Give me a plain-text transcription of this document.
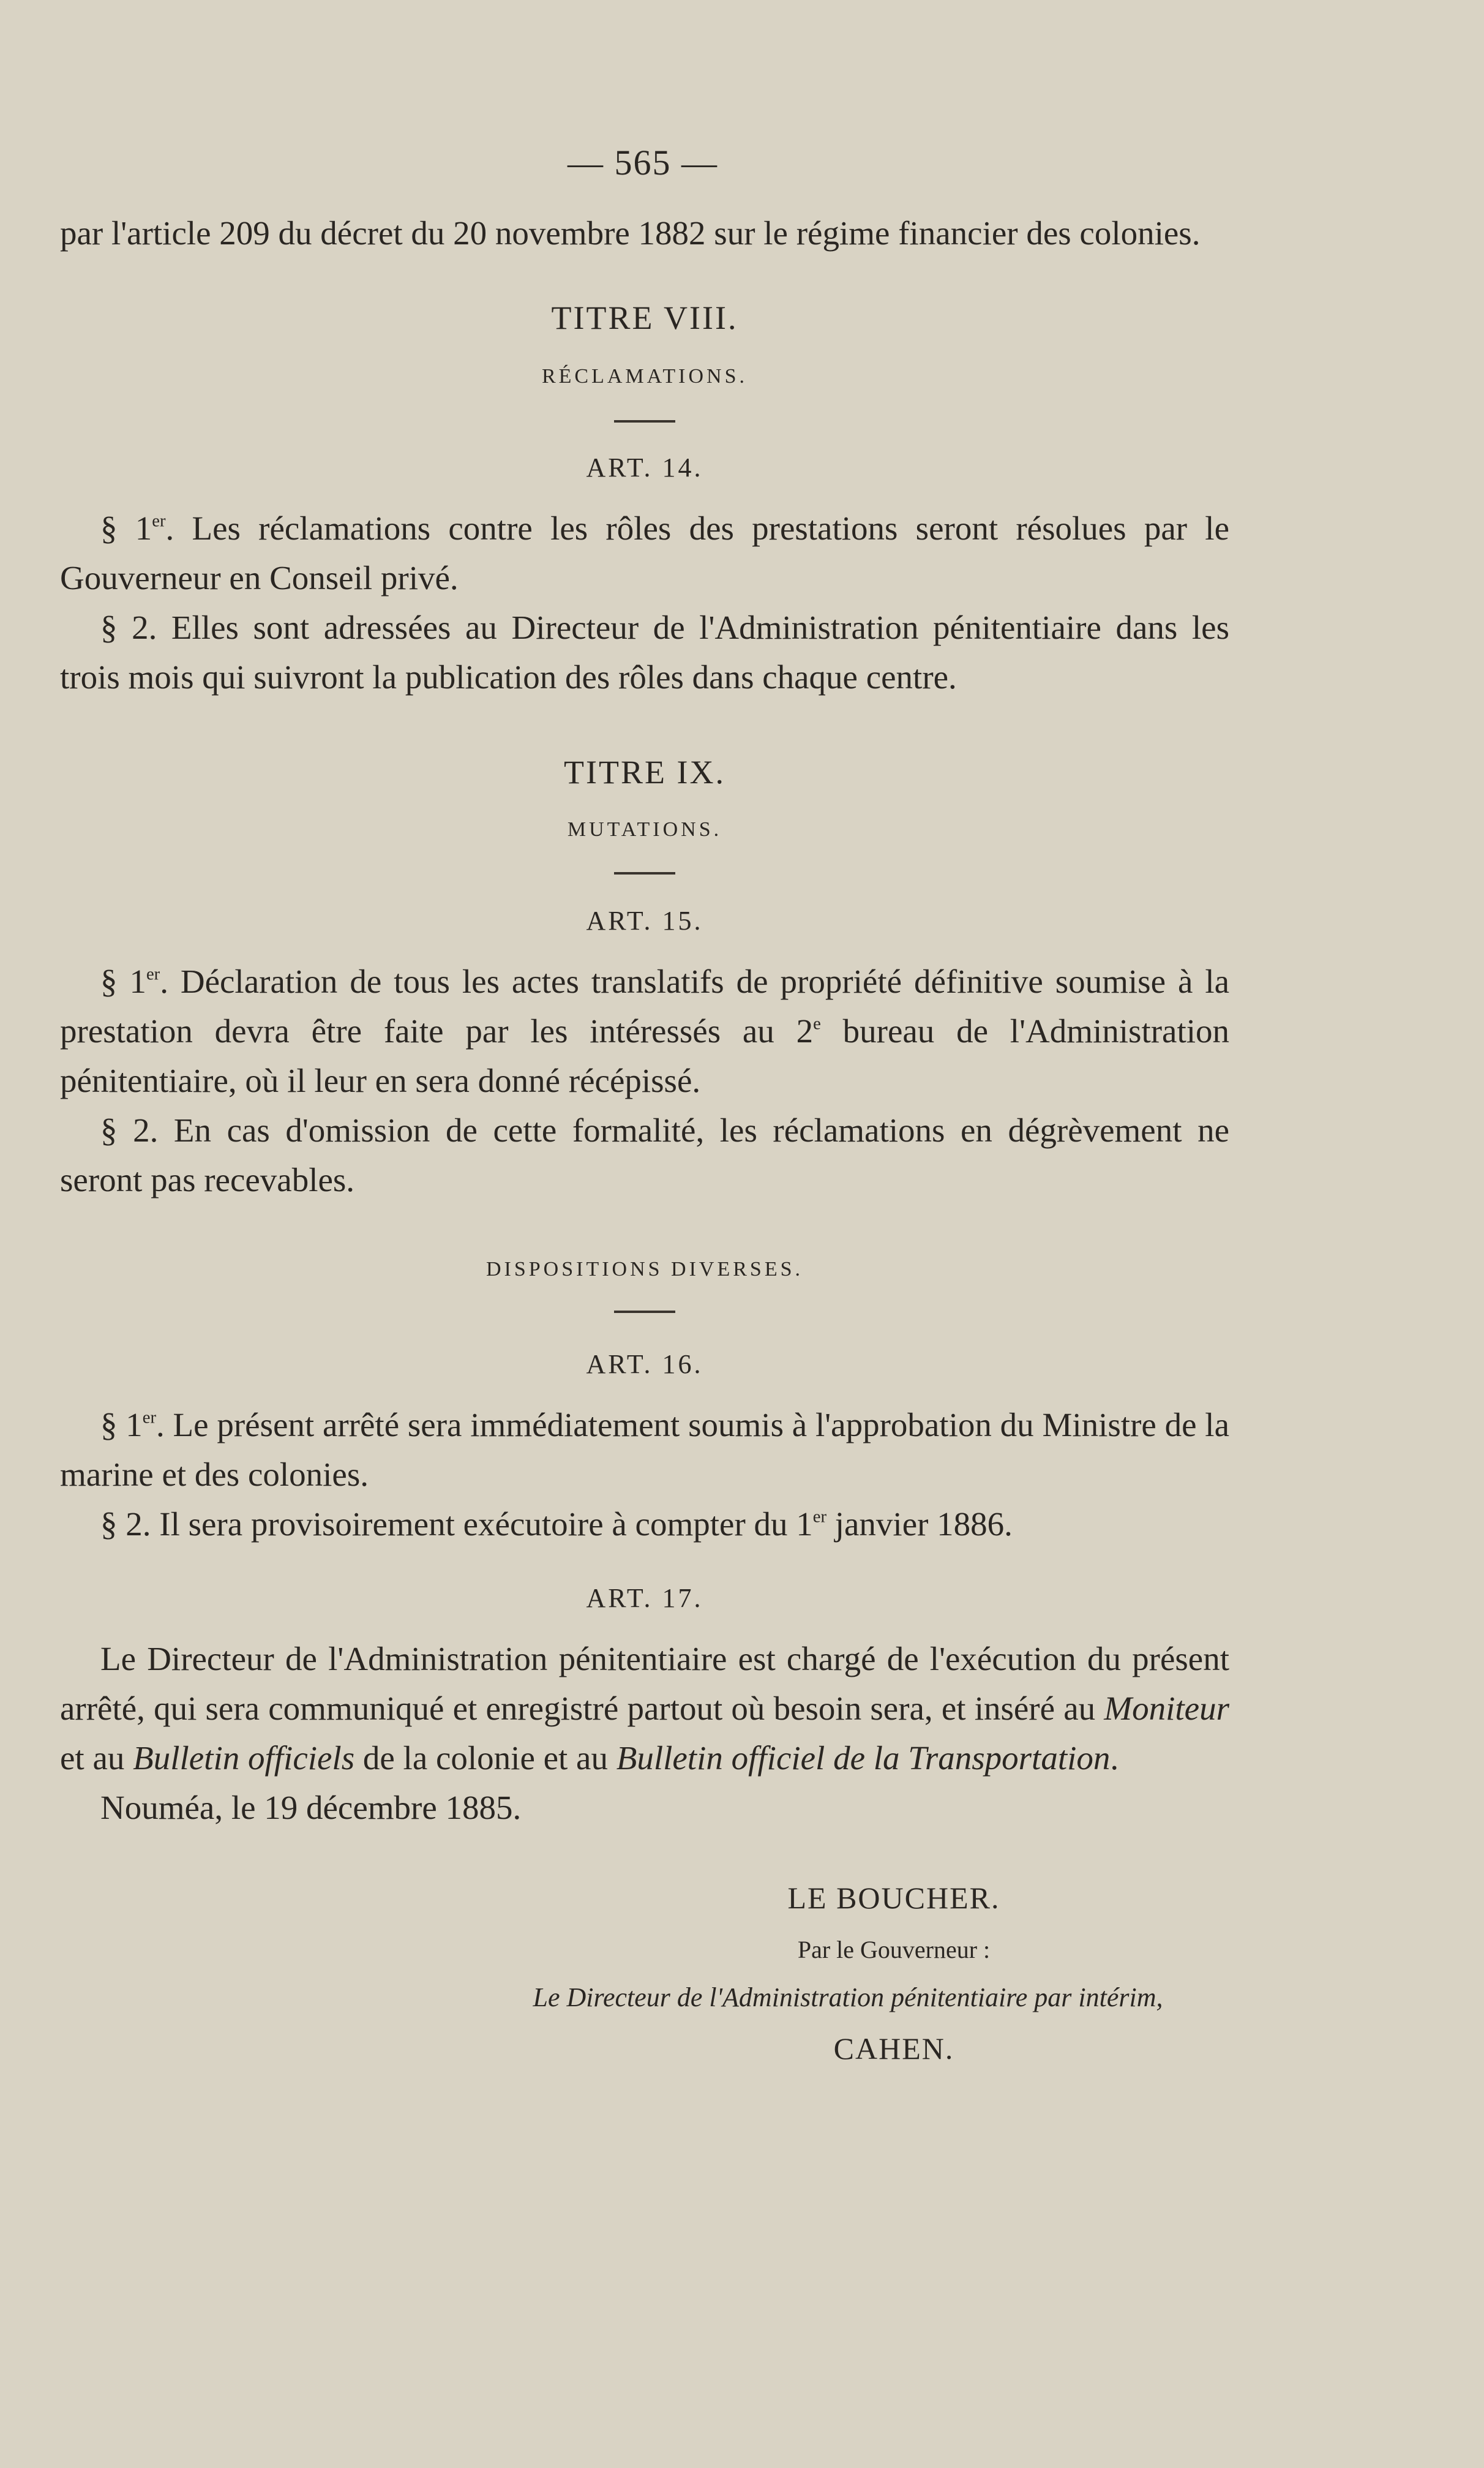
— 565 —

par l'article 209 du décret du 20 novembre 1882 sur le régime financier des colonies.

TITRE VIII.

RÉCLAMATIONS.

ART. 14.

§ 1er. Les réclamations contre les rôles des prestations seront résolues par le Gouverneur en Conseil privé.

§ 2. Elles sont adressées au Directeur de l'Administration pénitentiaire dans les trois mois qui suivront la publication des rôles dans chaque centre.

TITRE IX.

MUTATIONS.

ART. 15.

§ 1er. Déclaration de tous les actes translatifs de propriété définitive soumise à la prestation devra être faite par les intéressés au 2e bureau de l'Administration pénitentiaire, où il leur en sera donné récépissé.

§ 2. En cas d'omission de cette formalité, les réclamations en dégrèvement ne seront pas recevables.

DISPOSITIONS DIVERSES.

ART. 16.

§ 1er. Le présent arrêté sera immédiatement soumis à l'approbation du Ministre de la marine et des colonies.

§ 2. Il sera provisoirement exécutoire à compter du 1er janvier 1886.

ART. 17.

Le Directeur de l'Administration pénitentiaire est chargé de l'exécution du présent arrêté, qui sera communiqué et enregistré partout où besoin sera, et inséré au Moniteur et au Bulletin officiels de la colonie et au Bulletin officiel de la Transportation.

Nouméa, le 19 décembre 1885.

LE BOUCHER.

Par le Gouverneur :

Le Directeur de l'Administration pénitentiaire par intérim,

CAHEN.
